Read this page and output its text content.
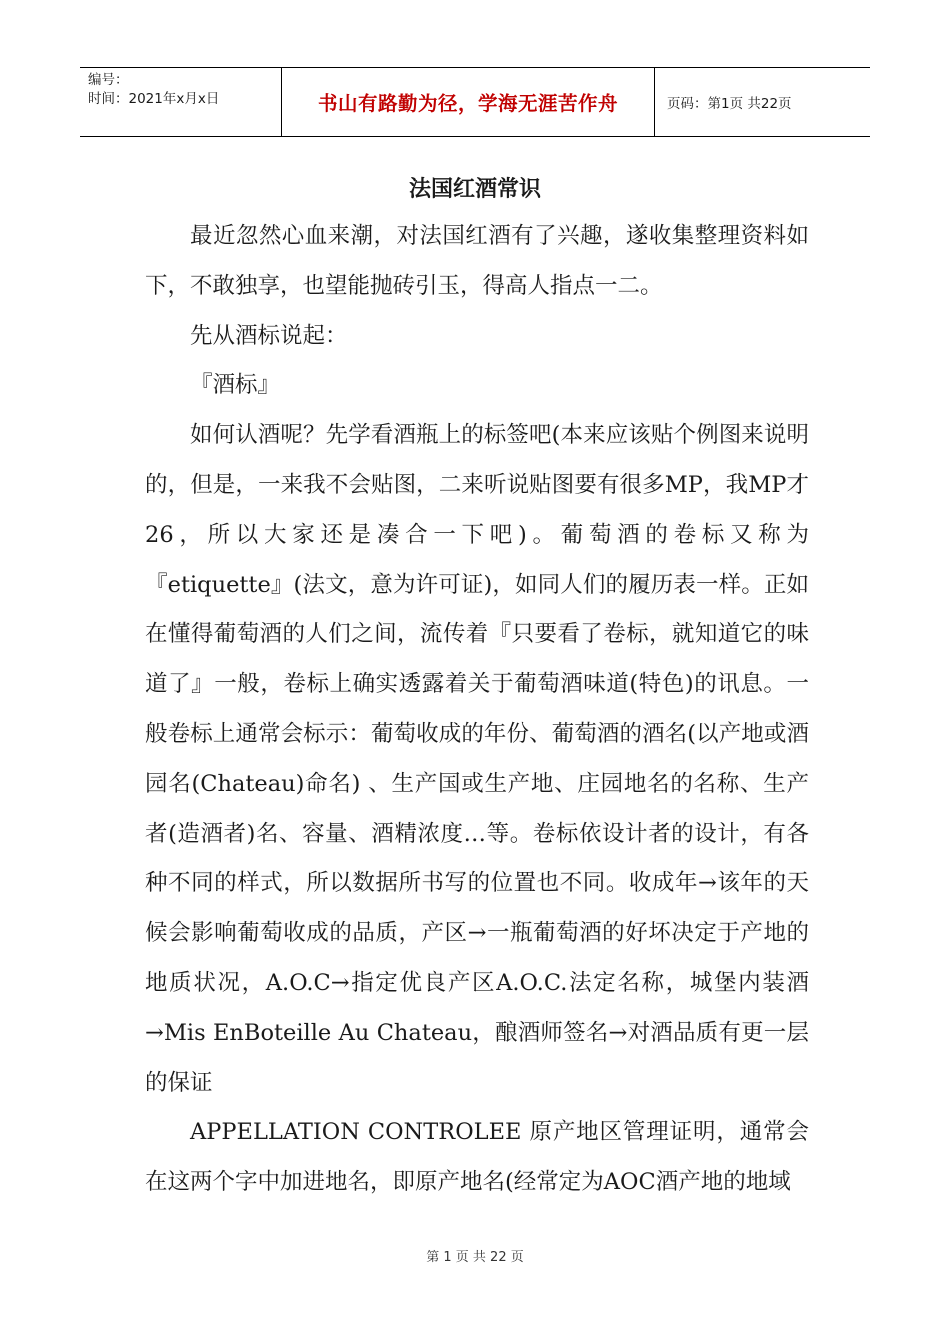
编号：
时间：2021年x月x日	书山有路勤为径，学海无涯苦作舟	页码：第1页 共22页
法国红酒常识

最近忽然心血来潮，对法国红酒有了兴趣，遂收集整理资料如下，不敢独享，也望能抛砖引玉，得高人指点一二。

先从酒标说起：

『酒标』

如何认酒呢？先学看酒瓶上的标签吧(本来应该贴个例图来说明的，但是，一来我不会贴图，二来听说贴图要有很多MP，我MP才26，所以大家还是凑合一下吧)。葡萄酒的卷标又称为『etiquette』(法文，意为许可证)，如同人们的履历表一样。正如在懂得葡萄酒的人们之间，流传着『只要看了卷标，就知道它的味道了』一般，卷标上确实透露着关于葡萄酒味道(特色)的讯息。一般卷标上通常会标示：葡萄收成的年份、葡萄酒的酒名(以产地或酒园名(Chateau)命名) 、生产国或生产地、庄园地名的名称、生产者(造酒者)名、容量、酒精浓度…等。卷标依设计者的设计，有各种不同的样式，所以数据所书写的位置也不同。收成年→该年的天候会影响葡萄收成的品质，产区→一瓶葡萄酒的好坏决定于产地的地质状况，A.O.C→指定优良产区A.O.C.法定名称，城堡内装酒→Mis EnBoteille Au Chateau，酿酒师签名→对酒品质有更一层的保证

APPELLATION CONTROLEE 原产地区管理证明，通常会在这两个字中加进地名，即原产地名(经常定为AOC酒产地的地域

第 1 页 共 22 页
